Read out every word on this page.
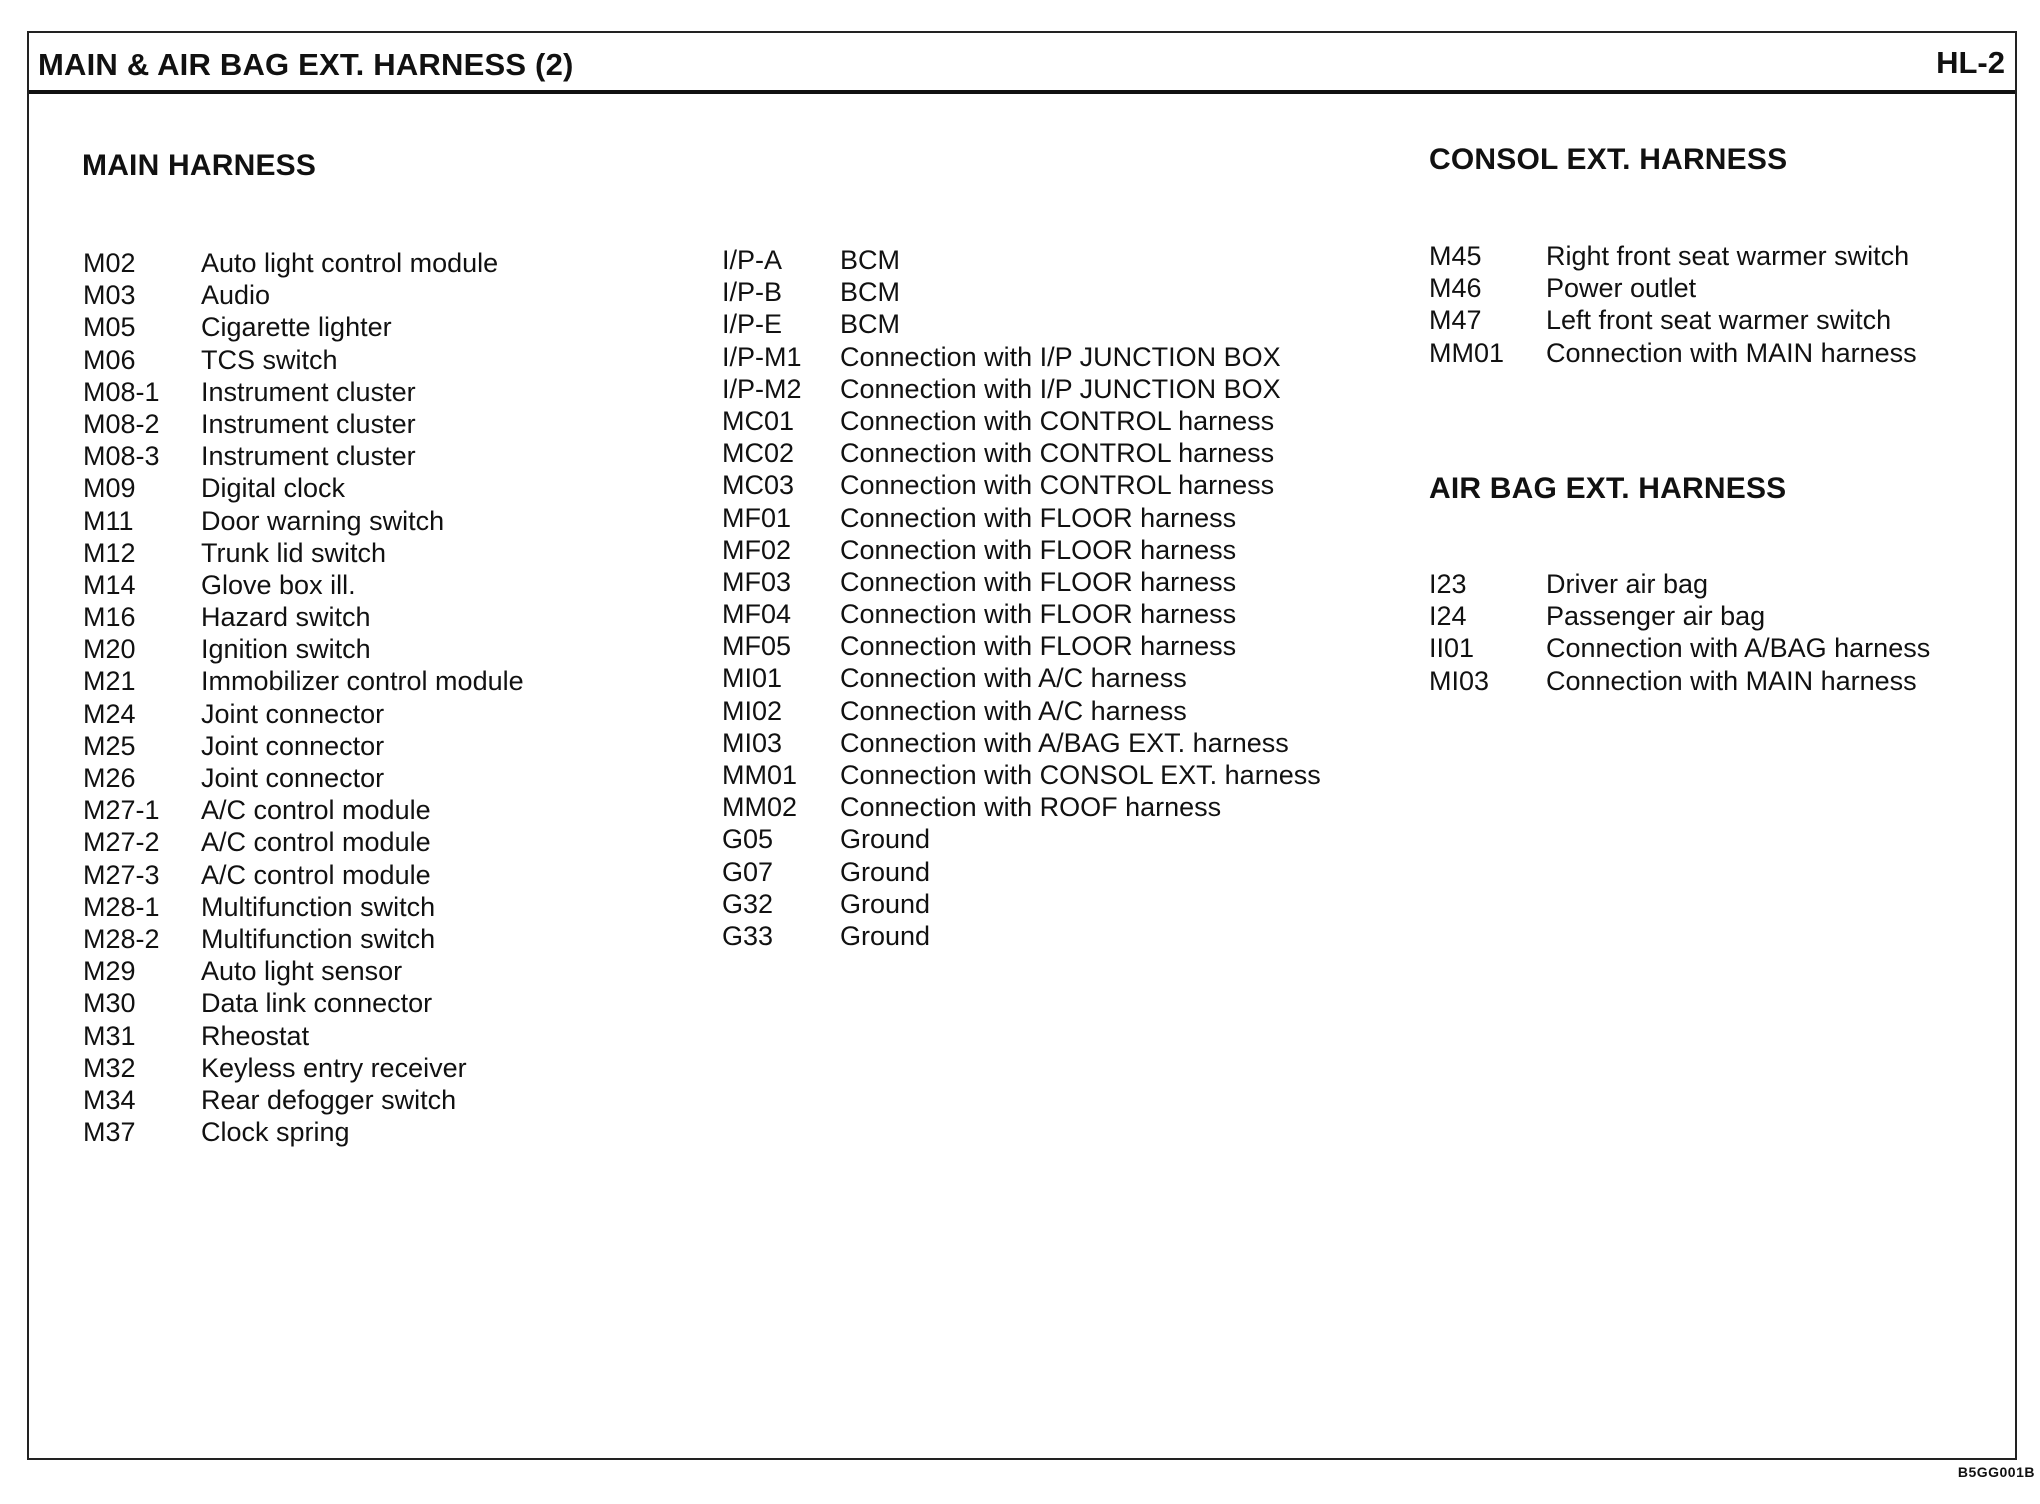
MAIN & AIR BAG EXT. HARNESS (2)	HL-2
MAIN HARNESS
M02	Auto light control module
M03	Audio
M05	Cigarette lighter
M06	TCS switch
M08-1	Instrument cluster
M08-2	Instrument cluster
M08-3	Instrument cluster
M09	Digital clock
M11	Door warning switch
M12	Trunk lid switch
M14	Glove box ill.
M16	Hazard switch
M20	Ignition switch
M21	Immobilizer control module
M24	Joint connector
M25	Joint connector
M26	Joint connector
M27-1	A/C control module
M27-2	A/C control module
M27-3	A/C control module
M28-1	Multifunction switch
M28-2	Multifunction switch
M29	Auto light sensor
M30	Data link connector
M31	Rheostat
M32	Keyless entry receiver
M34	Rear defogger switch
M37	Clock spring
I/P-A	BCM
I/P-B	BCM
I/P-E	BCM
I/P-M1	Connection with I/P JUNCTION BOX
I/P-M2	Connection with I/P JUNCTION BOX
MC01	Connection with CONTROL harness
MC02	Connection with CONTROL harness
MC03	Connection with CONTROL harness
MF01	Connection with FLOOR harness
MF02	Connection with FLOOR harness
MF03	Connection with FLOOR harness
MF04	Connection with FLOOR harness
MF05	Connection with FLOOR harness
MI01	Connection with A/C harness
MI02	Connection with A/C harness
MI03	Connection with A/BAG EXT. harness
MM01	Connection with CONSOL EXT. harness
MM02	Connection with ROOF harness
G05	Ground
G07	Ground
G32	Ground
G33	Ground
CONSOL EXT. HARNESS
M45	Right front seat warmer switch
M46	Power outlet
M47	Left front seat warmer switch
MM01	Connection with MAIN harness
AIR BAG EXT. HARNESS
I23	Driver air bag
I24	Passenger air bag
II01	Connection with A/BAG harness
MI03	Connection with MAIN harness
B5GG001B
